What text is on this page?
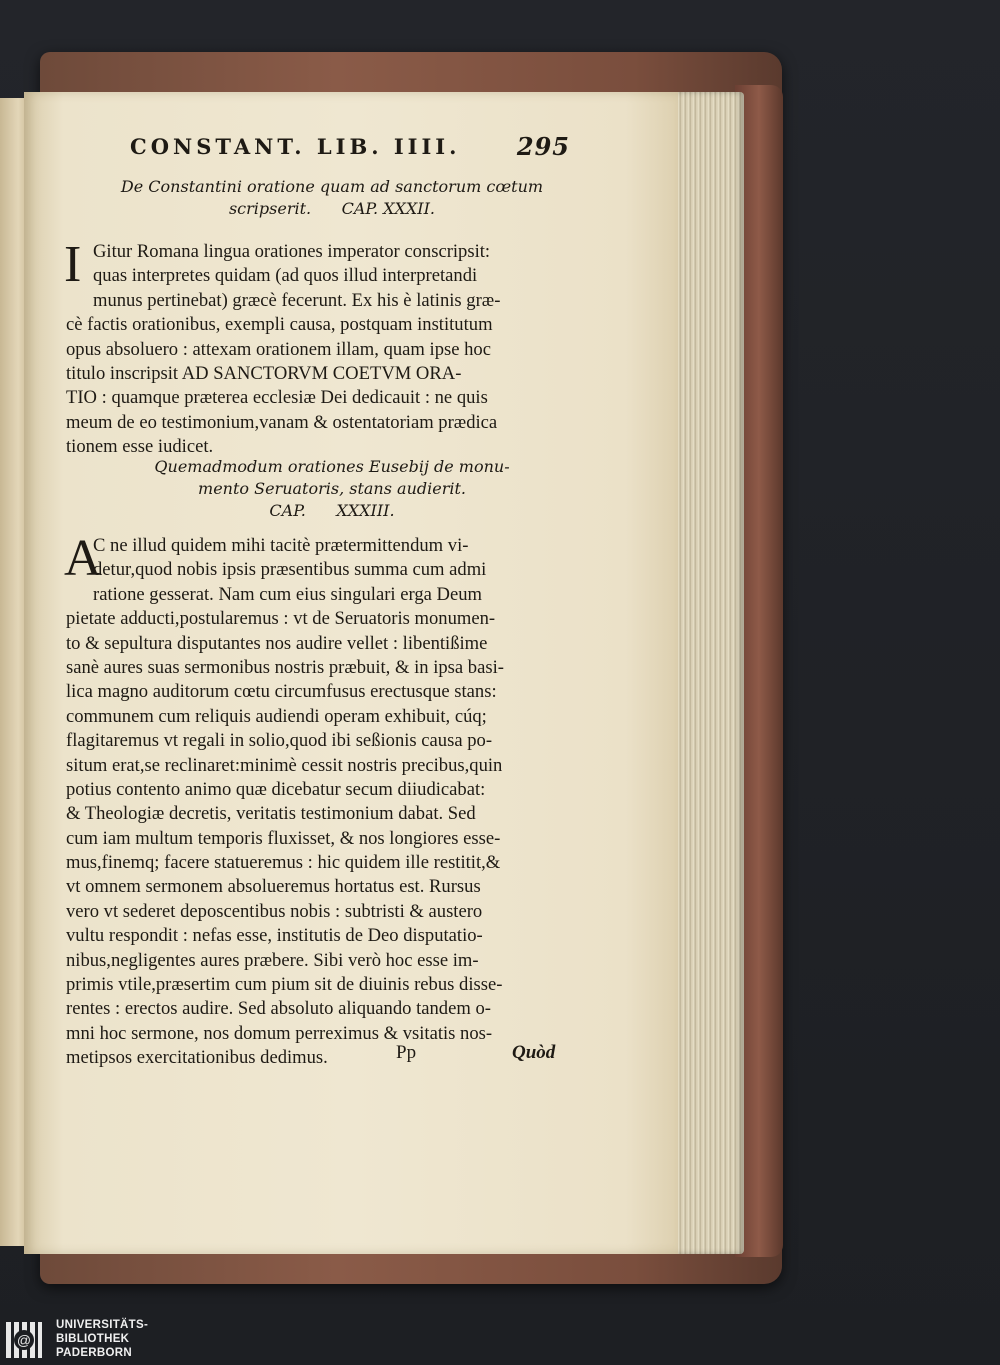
CONSTANT. LIB. IIII. 295
De Constantini oratione quam ad sanctorum cœtum
scripserit.      CAP. XXXII.
I Gitur Romana lingua orationes imperator conscripsit:
quas interpretes quidam (ad quos illud interpretandi
munus pertinebat) græcè fecerunt. Ex his è latinis græ-
cè factis orationibus, exempli causa, postquam institutum
opus absoluero : attexam orationem illam, quam ipse hoc
titulo inscripsit AD SANCTORVM COETVM ORA-
TIO : quamque præterea ecclesiæ Dei dedicauit : ne quis
meum de eo testimonium,vanam & ostentatoriam prædica
tionem esse iudicet.
Quemadmodum orationes Eusebij de monu-
mento Seruatoris, stans audierit.
CAP.      XXXIII.
A
C ne illud quidem mihi tacitè prætermittendum vi-
detur,quod nobis ipsis præsentibus summa cum admi
ratione gesserat. Nam cum eius singulari erga Deum
pietate adducti,postularemus : vt de Seruatoris monumen-
to & sepultura disputantes nos audire vellet : libentißime
sanè aures suas sermonibus nostris præbuit, & in ipsa basi-
lica magno auditorum cœtu circumfusus erectusque stans:
communem cum reliquis audiendi operam exhibuit, cúq;
flagitaremus vt regali in solio,quod ibi seßionis causa po-
situm erat,se reclinaret:minimè cessit nostris precibus,quin
potius contento animo quæ dicebatur secum diiudicabat:
& Theologiæ decretis, veritatis testimonium dabat. Sed
cum iam multum temporis fluxisset, & nos longiores esse-
mus,finemq; facere statueremus : hic quidem ille restitit,&
vt omnem sermonem absolueremus hortatus est. Rursus
vero vt sederet deposcentibus nobis : subtristi & austero
vultu respondit : nefas esse, institutis de Deo disputatio-
nibus,negligentes aures præbere. Sibi verò hoc esse im-
primis vtile,præsertim cum pium sit de diuinis rebus disse-
rentes : erectos audire. Sed absoluto aliquando tandem o-
mni hoc sermone, nos domum perreximus & vsitatis nos-
metipsos exercitationibus dedimus.	Pp	Quòd
@
UNIVERSITÄTS-
BIBLIOTHEK
PADERBORN
